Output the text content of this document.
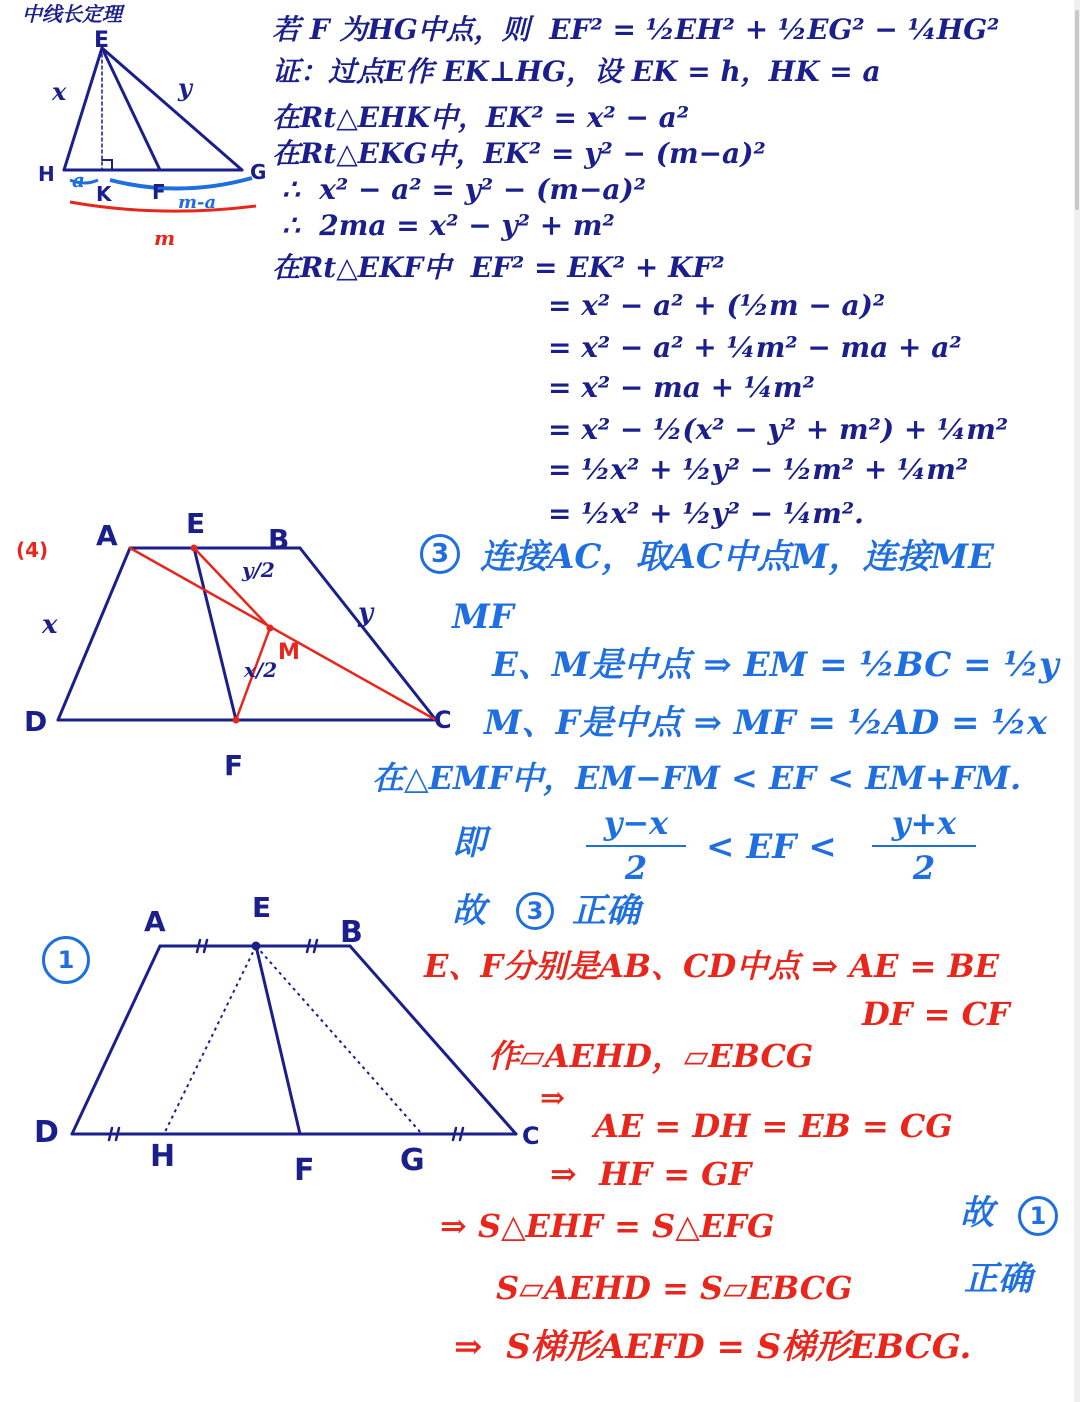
中线长定理
E
x	y
H	G
a
K F m-a
m
若 F 为HG中点，则  EF² = ½EH² + ½EG² − ¼HG²
证：过点E作 EK⊥HG，设 EK = h，HK = a
在Rt△EHK中，EK² = x² − a²
在Rt△EKG中，EK² = y² − (m−a)²
∴  x² − a² = y² − (m−a)²
∴  2ma = x² − y² + m²
在Rt△EKF中  EF² = EK² + KF²
= x² − a² + (½m − a)²
= x² − a² + ¼m² − ma + a²
= x² − ma + ¼m²
= x² − ½(x² − y² + m²) + ¼m²
= ½x² + ½y² − ½m² + ¼m²
= ½x² + ½y² − ¼m².
(4) A E B
x	y
y/2
M
x/2
D
F
C
3 连接AC，取AC中点M，连接ME
MF
E、M是中点 ⇒ EM = ½BC = ½y
M、F是中点 ⇒ MF = ½AD = ½x
在△EMF中，EM−FM < EF < EM+FM.
即	y−x
2
< EF <
y+x
2
故	3 正确
1
A	E
B
D
H	F	G
C
E、F分别是AB、CD中点 ⇒ AE = BE
DF = CF
作▱AEHD，▱EBCG
⇒
AE = DH = EB = CG
⇒  HF = GF
⇒ S△EHF = S△EFG
S▱AEHD = S▱EBCG
⇒  S梯形AEFD = S梯形EBCG.
故	1
正确
